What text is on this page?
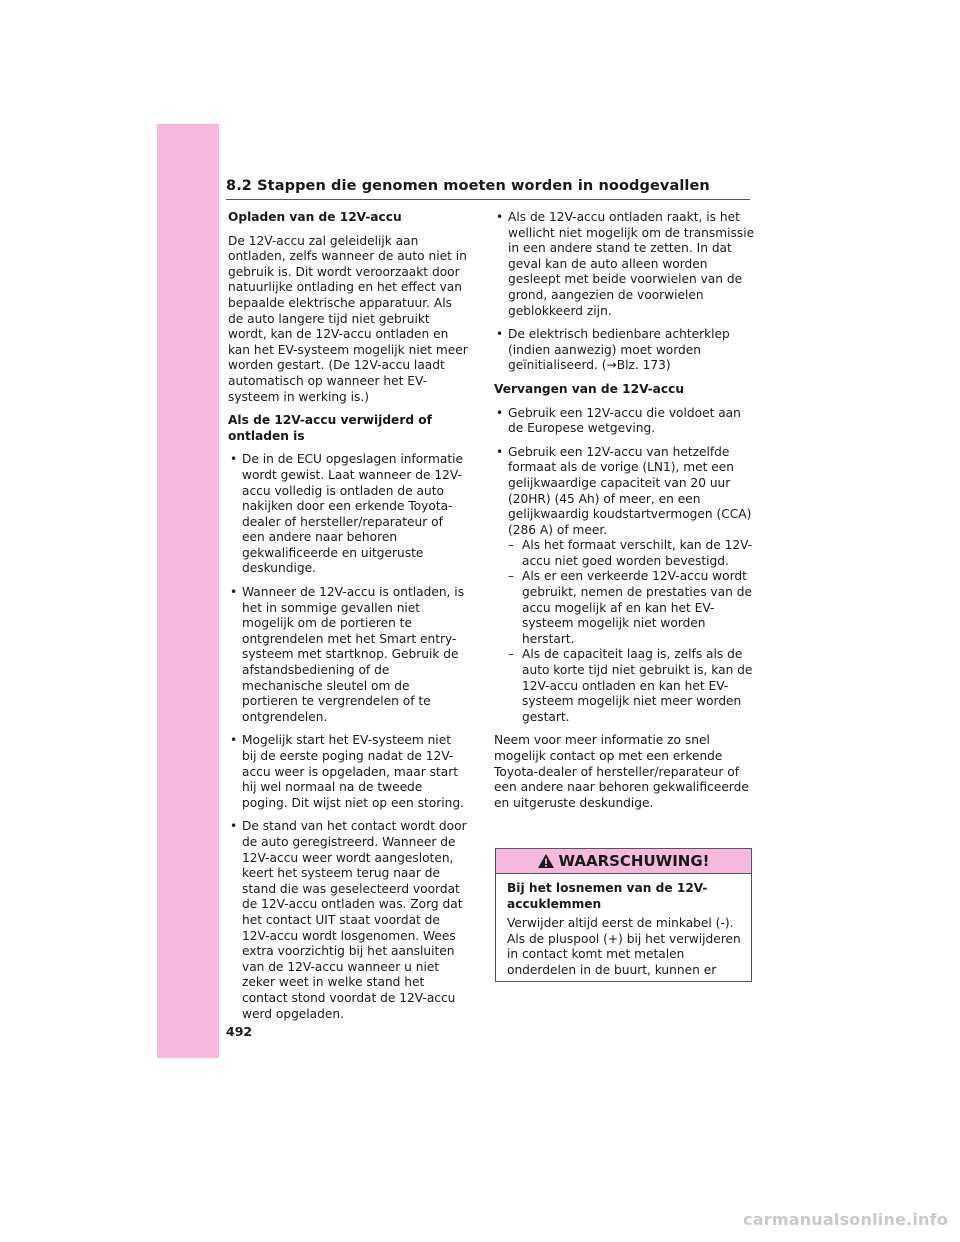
8.2 Stappen die genomen moeten worden in noodgevallen
Opladen van de 12V-accu

De 12V-accu zal geleidelijk aan ontladen, zelfs wanneer de auto niet in gebruik is. Dit wordt veroorzaakt door natuurlijke ontlading en het effect van bepaalde elektrische apparatuur. Als de auto langere tijd niet gebruikt wordt, kan de 12V-accu ontladen en kan het EV-systeem mogelijk niet meer worden gestart. (De 12V-accu laadt automatisch op wanneer het EV-systeem in werking is.)

Als de 12V-accu verwijderd of ontladen is
• De in de ECU opgeslagen informatie wordt gewist. Laat wanneer de 12V-accu volledig is ontladen de auto nakijken door een erkende Toyota-dealer of hersteller/reparateur of een andere naar behoren gekwalificeerde en uitgeruste deskundige.
• Wanneer de 12V-accu is ontladen, is het in sommige gevallen niet mogelijk om de portieren te ontgrendelen met het Smart entry-systeem met startknop. Gebruik de afstandsbediening of de mechanische sleutel om de portieren te vergrendelen of te ontgrendelen.
• Mogelijk start het EV-systeem niet bij de eerste poging nadat de 12V-accu weer is opgeladen, maar start hij wel normaal na de tweede poging. Dit wijst niet op een storing.
• De stand van het contact wordt door de auto geregistreerd. Wanneer de 12V-accu weer wordt aangesloten, keert het systeem terug naar de stand die was geselecteerd voordat de 12V-accu ontladen was. Zorg dat het contact UIT staat voordat de 12V-accu wordt losgenomen. Wees extra voorzichtig bij het aansluiten van de 12V-accu wanneer u niet zeker weet in welke stand het contact stond voordat de 12V-accu werd opgeladen.
• Als de 12V-accu ontladen raakt, is het wellicht niet mogelijk om de transmissie in een andere stand te zetten. In dat geval kan de auto alleen worden gesleept met beide voorwielen van de grond, aangezien de voorwielen geblokkeerd zijn.
• De elektrisch bedienbare achterklep (indien aanwezig) moet worden geïnitialiseerd. (→Blz. 173)
Vervangen van de 12V-accu
• Gebruik een 12V-accu die voldoet aan de Europese wetgeving.
• Gebruik een 12V-accu van hetzelfde formaat als de vorige (LN1), met een gelijkwaardige capaciteit van 20 uur (20HR) (45 Ah) of meer, en een gelijkwaardig koudstartvermogen (CCA) (286 A) of meer.
– Als het formaat verschilt, kan de 12V-accu niet goed worden bevestigd.
– Als er een verkeerde 12V-accu wordt gebruikt, nemen de prestaties van de accu mogelijk af en kan het EV-systeem mogelijk niet worden herstart.
– Als de capaciteit laag is, zelfs als de auto korte tijd niet gebruikt is, kan de 12V-accu ontladen en kan het EV-systeem mogelijk niet meer worden gestart.

Neem voor meer informatie zo snel mogelijk contact op met een erkende Toyota-dealer of hersteller/reparateur of een andere naar behoren gekwalificeerde en uitgeruste deskundige.

WAARSCHUWING!
Bij het losnemen van de 12V-accuklemmen

Verwijder altijd eerst de minkabel (-). Als de pluspool (+) bij het verwijderen in contact komt met metalen onderdelen in de buurt, kunnen er

492
carmanualsonline.info
